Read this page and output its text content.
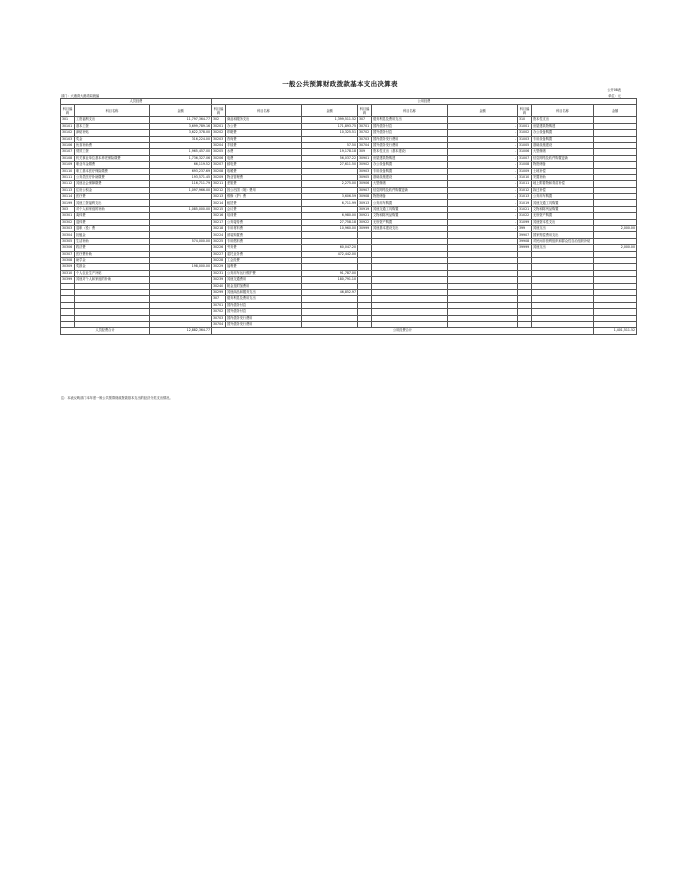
一般公共预算财政拨款基本支出决算表
公开08表
部门：大港湾大港湾局统编	单位：元
人员经费			公用经费								
科目编码	科目名称	金额	科目编码	科目名称	金额	科目编码	科目名称	金额	科目编码	科目名称	金额
301	工资福利支出	11,797,364.77	302	商品和服务支出	1,399,511.52	307	债务利息及费用支出		310	资本性支出	
30101	基本工资	3,699,789.16	30201	办公费	171,893.75	30701	国内债务付息	-	31001	房屋建筑物购建	
30102	津贴补贴	3,622,378.00	30202	印刷费	10,325.51	30702	国外债务付息	-	31002	办公设备购置	
30103	奖金	316,224.00	30203	咨询费		30703	国内债务发行费用	-	31003	专用设备购置	
30106	伙食补助费		30204	手续费	57.50	30704	国外债务发行费用	-	31005	基础设施建设	
30107	绩效工资	1,965,457.00	30205	水费	19,178.18	309	资本性支出（基本建设）	-	31006	大型修缮	
30108	机关事业单位基本养老保险缴费	1,736,327.06	30206	电费	56,037.22	30901	房屋建筑物购建	-	31007	信息网络及软件购置更新	
30109	职业年金缴费	66,119.52	30207	邮电费	27,611.50	30902	办公设备购置	-	31008	物资储备	
30110	职工基本医疗保险缴费	693,237.69	30208	取暖费		30903	专用设备购置	-	31009	土地补偿	
30111	公务员医疗补助缴费	193,571.45	30209	物业管理费		30905	基础设施建设	-	31010	安置补助	
30112	其他社会保障缴费	116,711.79	30211	差旅费	2,275.00	30906	大型修缮	-	31011	地上附着物和青苗补偿	
30113	住房公积金	1,097,966.00	30212	因公出国（境）费用		30907	信息网络及软件购置更新	-	31012	拆迁补偿	
30114	医疗费		30213	维修（护）费	3,606.59	30908	物资储备	-	31013	公务用车购置	
30199	其他工资福利支出		30214	租赁费	6,711.99	30913	公务用车购置	-	31019	其他交通工具购置	
303	对个人和家庭的补助	1,085,000.00	30215	会议费		30919	其他交通工具购置	-	31021	文物和陈列品购置	
30301	离休费		30216	培训费	6,980.00	30921	文物和陈列品购置	-	31022	无形资产购置	
30302	退休费		30217	公务接待费	27,758.18	30922	无形资产购置	-	31099	其他资本性支出	
30303	退职（役）费		30218	专用材料费	10,960.00	30999	其他基本建设支出	-	399	其他支出	2,000.00
30304	抚恤金		30224	被装购置费					39907	国家赔偿费用支出	
30305	生活补助	574,000.00	30225	专用燃料费					39908	对民间非营利组织和群众性自治组织补贴	
30306	救济费		30226	劳务费	60,047.20				39999	其他支出	2,000.00
30307	医疗费补助		30227	委托业务费	472,442.00						
30308	助学金		30228	工会经费							
30309	奖励金	198,000.00	30229	福利费							
30310	个人农业生产补贴		30231	公务用车运行维护费	91,787.00						
30399	其他对个人和家庭的补助		30239	其他交通费用	180,791.10						
			30240	税金及附加费用							
			30299	其他商品和服务支出	46,852.97						
			307	债务利息及费用支出							
			30701	国内债务付息							
			30702	国外债务付息							
			30703	国内债务发行费用							
			30704	国外债务发行费用							
人员经费合计		12,882,364.77	公用经费合计								1,401,511.52
注：本表反映部门本年度一般公共预算财政拨款基本支出的经济分类支出情况。
